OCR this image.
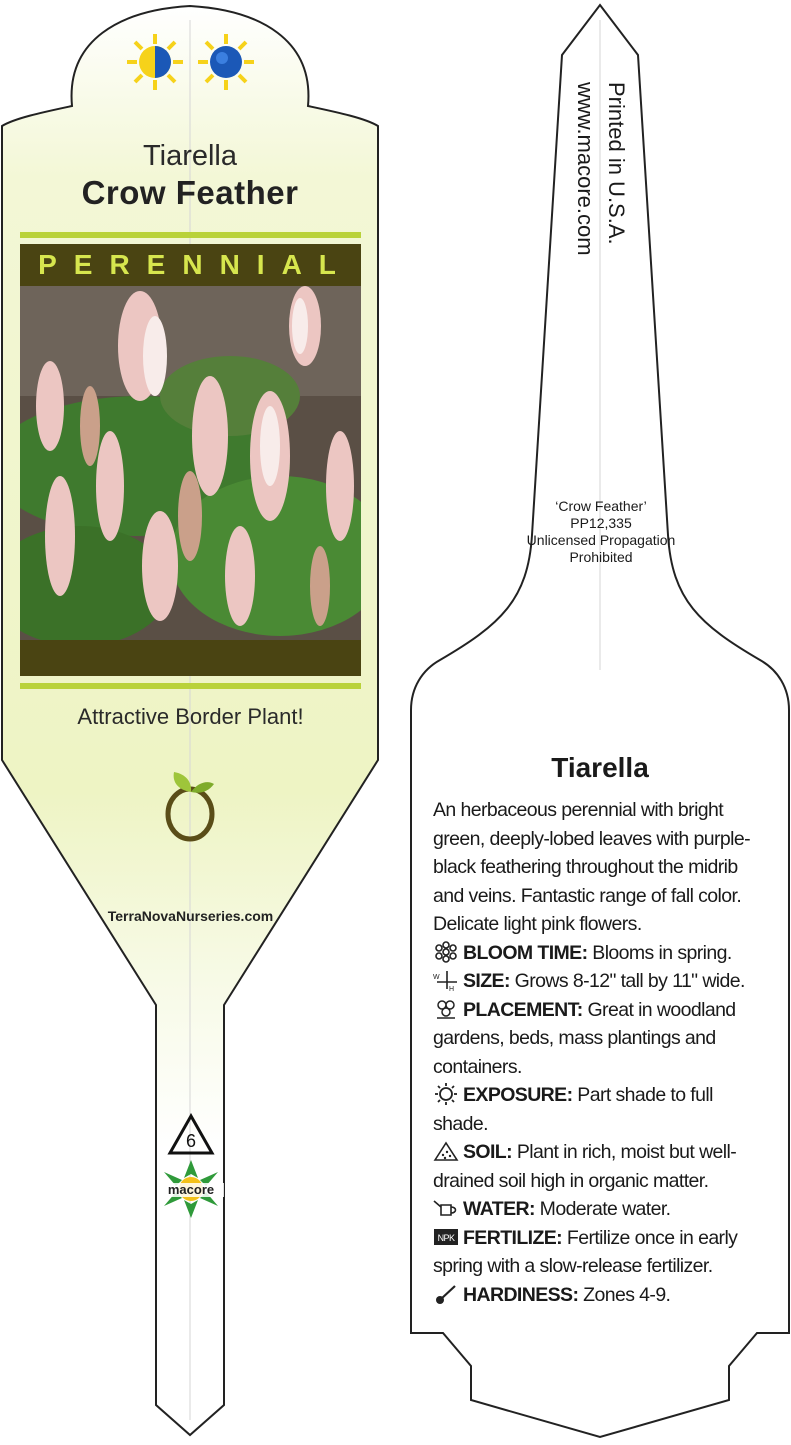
Tiarella
Crow Feather
PERENNIAL
Attractive Border Plant!
TerraNovaNurseries.com
6
macore
Printed in U.S.A.
www.macore.com
‘Crow Feather’
PP12,335
Unlicensed Propagation
Prohibited
Tiarella
An herbaceous perennial with bright green, deeply-lobed leaves with purple-black feathering throughout the midrib and veins. Fantastic range of fall color. Delicate light pink flowers.
BLOOM TIME: Blooms in spring.
W
H SIZE: Grows 8-12" tall by 11" wide.
PLACEMENT: Great in woodland gardens, beds, mass plantings and containers.
EXPOSURE: Part shade to full shade.
SOIL: Plant in rich, moist but well-drained soil high in organic matter.
WATER: Moderate water.
NPK FERTILIZE: Fertilize once in early spring with a slow-release fertilizer.
HARDINESS: Zones 4-9.
